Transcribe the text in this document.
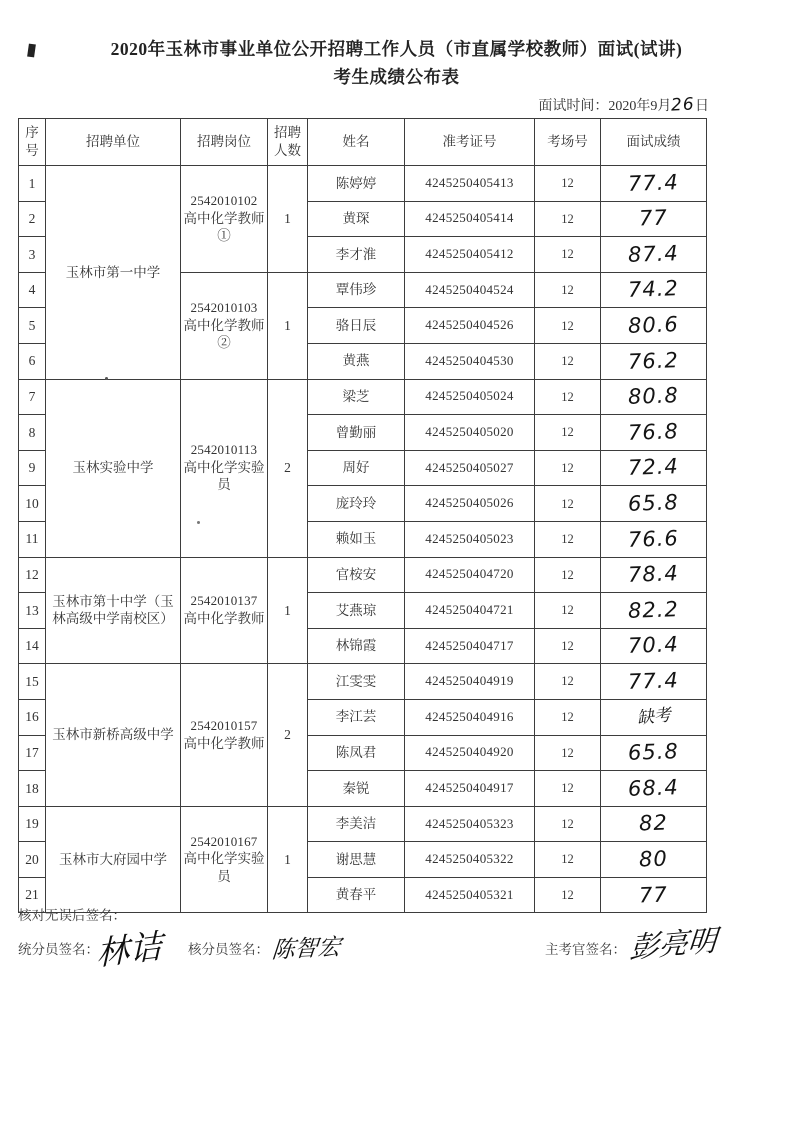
2020年玉林市事业单位公开招聘工作人员（市直属学校教师）面试(试讲)
考生成绩公布表
面试时间：2020年9月26日
序号	招聘单位	招聘岗位	招聘人数	姓名	准考证号	考场号	面试成绩
1	玉林市第一中学	2542010102
高中化学教师①	1	陈婷婷	4245250405413	12	77.4
2				黄琛	4245250405414	12	77
3				李才淮	4245250405412	12	87.4
4		2542010103
高中化学教师②	1	覃伟珍	4245250404524	12	74.2
5				骆日辰	4245250404526	12	80.6
6				黄燕	4245250404530	12	76.2
7	玉林实验中学	2542010113
高中化学实验员	2	梁芝	4245250405024	12	80.8
8				曾勤丽	4245250405020	12	76.8
9				周好	4245250405027	12	72.4
10				庞玲玲	4245250405026	12	65.8
11				赖如玉	4245250405023	12	76.6
12	玉林市第十中学（玉林高级中学南校区）	2542010137
高中化学教师	1	官桉安	4245250404720	12	78.4
13				艾燕琼	4245250404721	12	82.2
14				林锦霞	4245250404717	12	70.4
15	玉林市新桥高级中学	2542010157
高中化学教师	2	江雯雯	4245250404919	12	77.4
16				李江芸	4245250404916	12	缺考
17				陈凤君	4245250404920	12	65.8
18				秦锐	4245250404917	12	68.4
19	玉林市大府园中学	2542010167
高中化学实验员	1	李美洁	4245250405323	12	82
20				谢思慧	4245250405322	12	80
21				黄春平	4245250405321	12	77
核对无误后签名：
统分员签名：
林诘 核分员签名： 陈智宏	主考官签名： 彭亮明
